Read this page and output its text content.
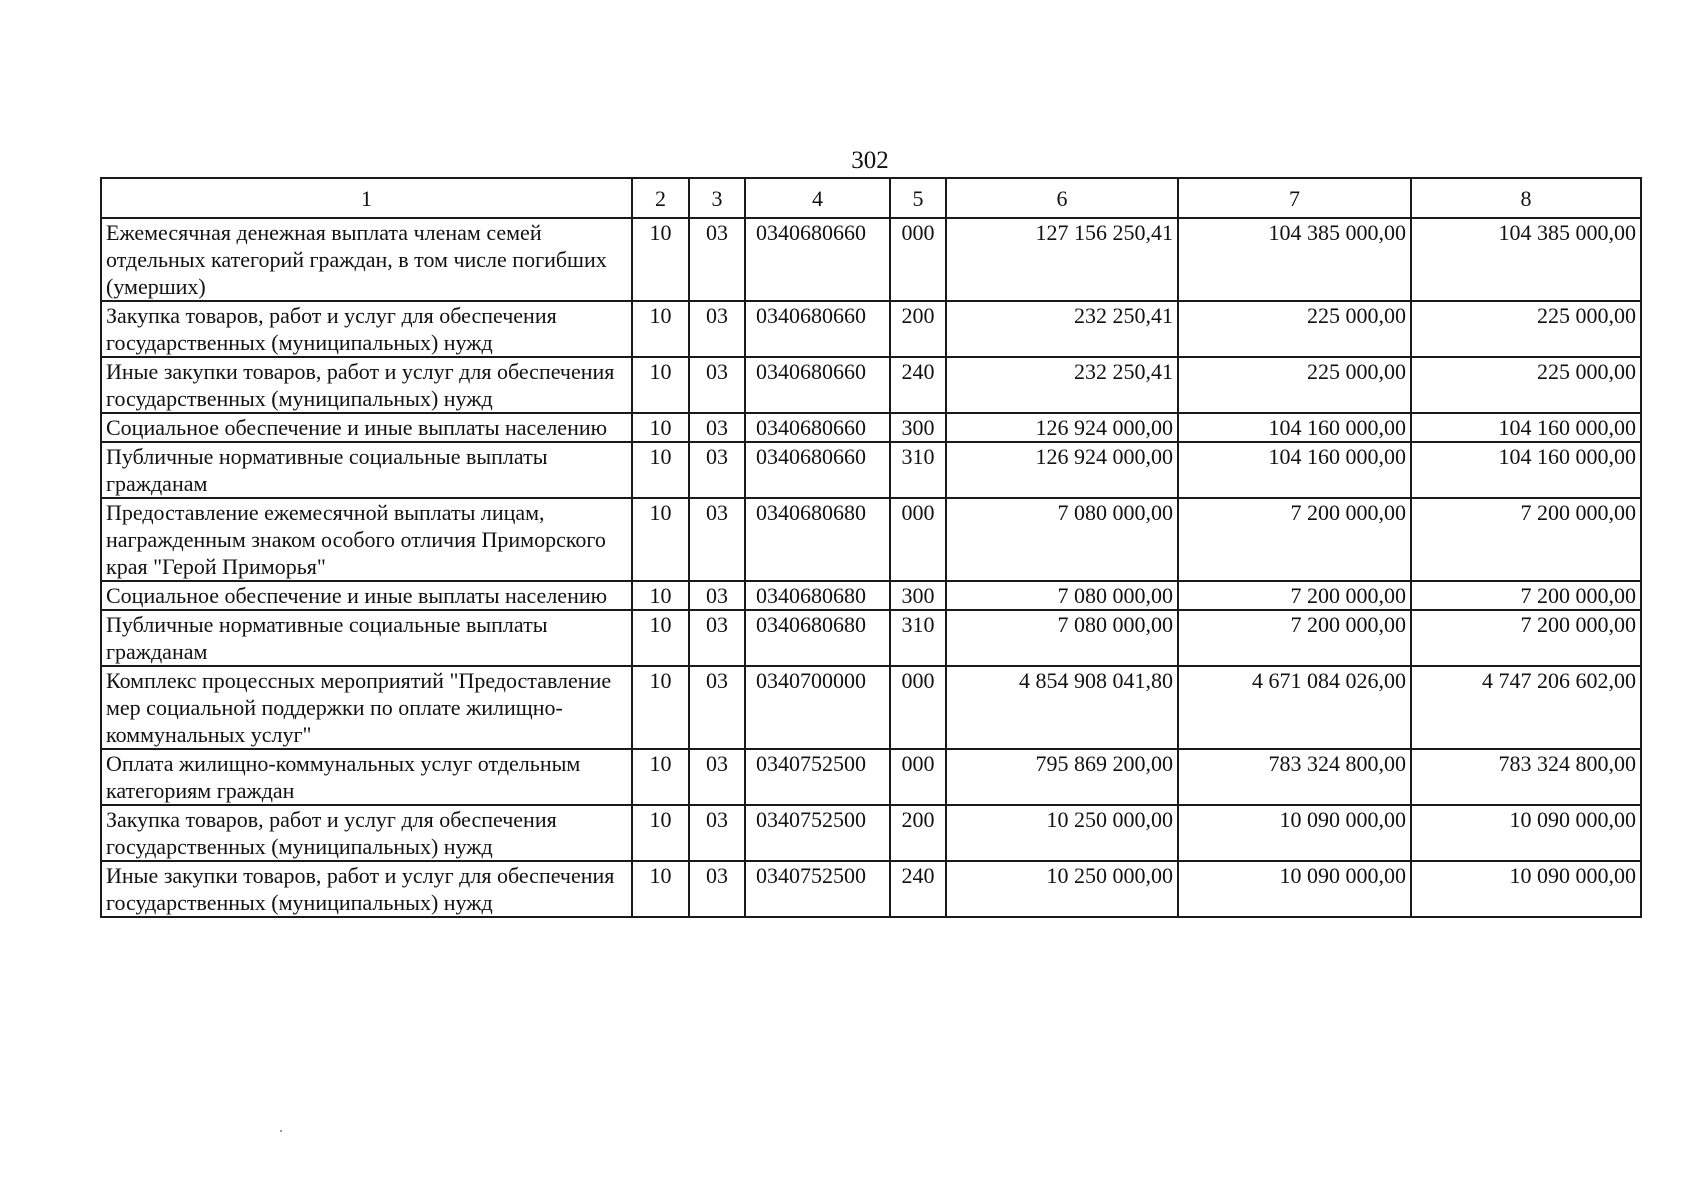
302
1	2	3	4	5	6	7	8
Ежемесячная денежная выплата членам семей отдельных категорий граждан, в том числе погибших (умерших)	10	03	0340680660	000	127 156 250,41	104 385 000,00	104 385 000,00
Закупка товаров, работ и услуг для обеспечения государственных (муниципальных) нужд	10	03	0340680660	200	232 250,41	225 000,00	225 000,00
Иные закупки товаров, работ и услуг для обеспечения государственных (муниципальных) нужд	10	03	0340680660	240	232 250,41	225 000,00	225 000,00
Социальное обеспечение и иные выплаты населению	10	03	0340680660	300	126 924 000,00	104 160 000,00	104 160 000,00
Публичные нормативные социальные выплаты гражданам	10	03	0340680660	310	126 924 000,00	104 160 000,00	104 160 000,00
Предоставление ежемесячной выплаты лицам, награжденным знаком особого отличия Приморского края "Герой Приморья"	10	03	0340680680	000	7 080 000,00	7 200 000,00	7 200 000,00
Социальное обеспечение и иные выплаты населению	10	03	0340680680	300	7 080 000,00	7 200 000,00	7 200 000,00
Публичные нормативные социальные выплаты гражданам	10	03	0340680680	310	7 080 000,00	7 200 000,00	7 200 000,00
Комплекс процессных мероприятий "Предоставление мер социальной поддержки по оплате жилищно-коммунальных услуг"	10	03	0340700000	000	4 854 908 041,80	4 671 084 026,00	4 747 206 602,00
Оплата жилищно-коммунальных услуг отдельным категориям граждан	10	03	0340752500	000	795 869 200,00	783 324 800,00	783 324 800,00
Закупка товаров, работ и услуг для обеспечения государственных (муниципальных) нужд	10	03	0340752500	200	10 250 000,00	10 090 000,00	10 090 000,00
Иные закупки товаров, работ и услуг для обеспечения государственных (муниципальных) нужд	10	03	0340752500	240	10 250 000,00	10 090 000,00	10 090 000,00
